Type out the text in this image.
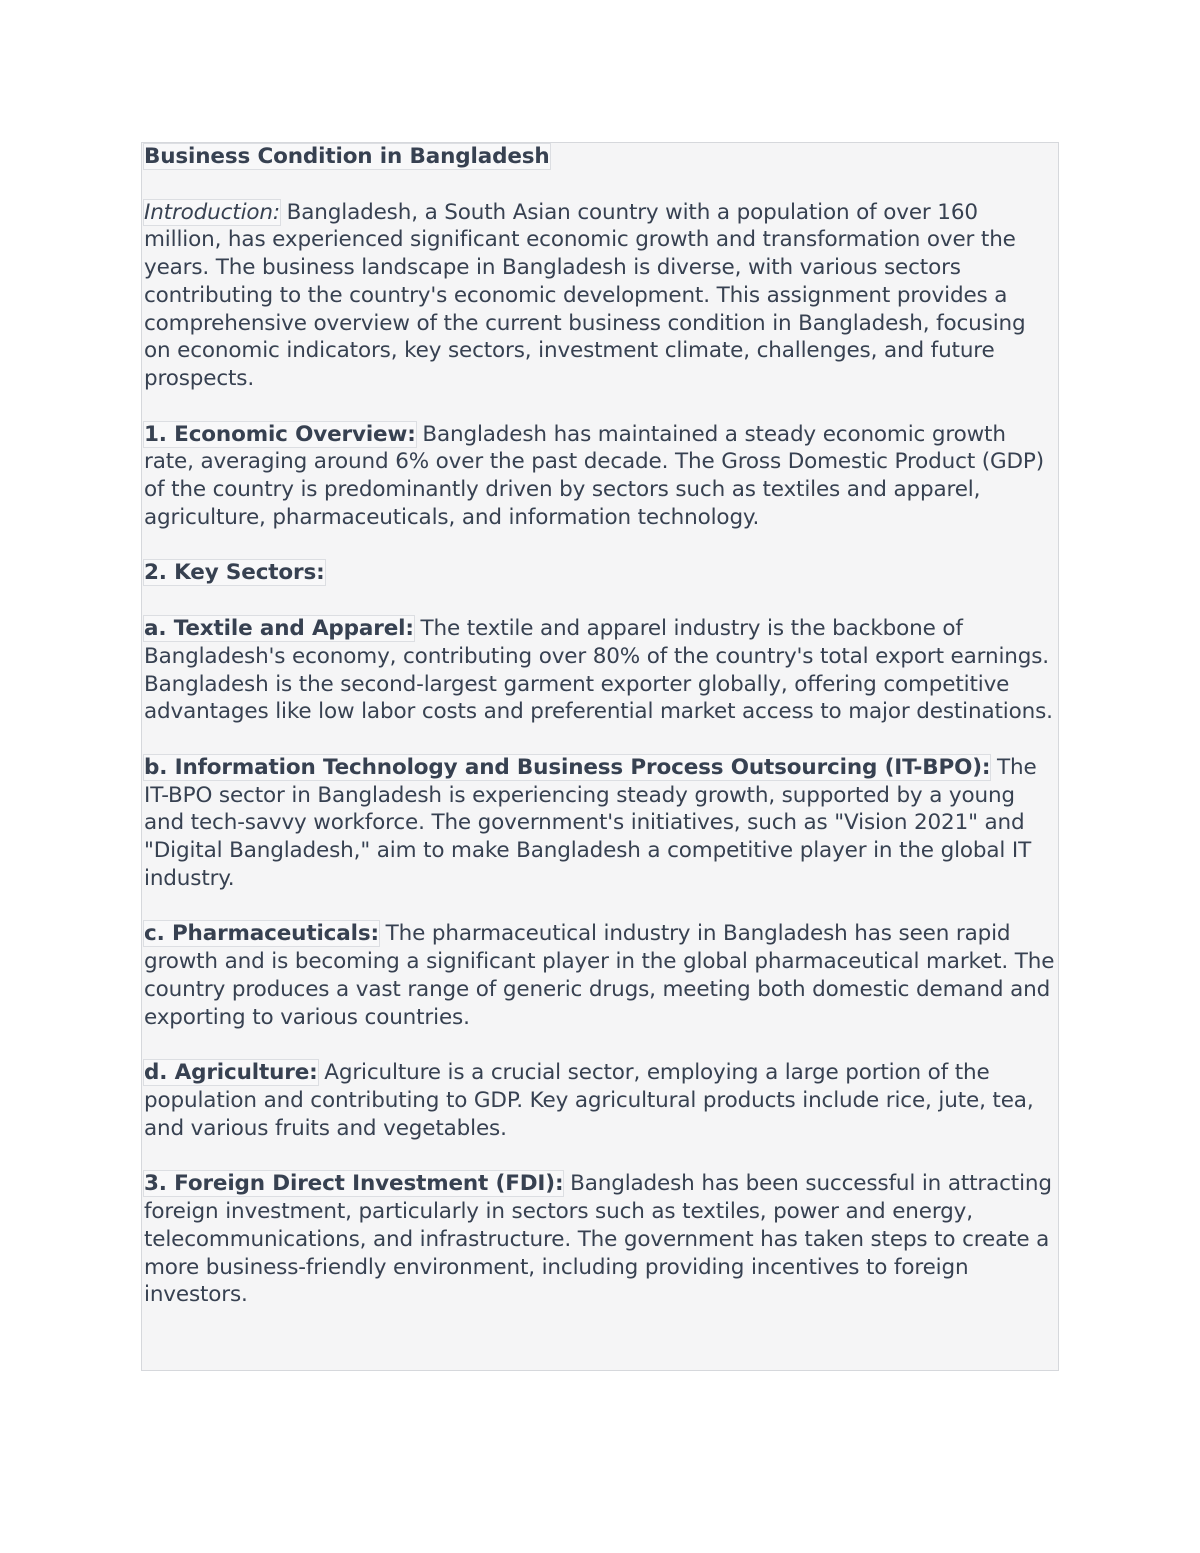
Business Condition in Bangladesh
Introduction: Bangladesh, a South Asian country with a population of over 160 million, has experienced significant economic growth and transformation over the years. The business landscape in Bangladesh is diverse, with various sectors contributing to the country's economic development. This assignment provides a comprehensive overview of the current business condition in Bangladesh, focusing on economic indicators, key sectors, investment climate, challenges, and future prospects.
1. Economic Overview: Bangladesh has maintained a steady economic growth rate, averaging around 6% over the past decade. The Gross Domestic Product (GDP) of the country is predominantly driven by sectors such as textiles and apparel, agriculture, pharmaceuticals, and information technology.
2. Key Sectors:
a. Textile and Apparel: The textile and apparel industry is the backbone of Bangladesh's economy, contributing over 80% of the country's total export earnings. Bangladesh is the second-largest garment exporter globally, offering competitive advantages like low labor costs and preferential market access to major destinations.
b. Information Technology and Business Process Outsourcing (IT-BPO): The IT-BPO sector in Bangladesh is experiencing steady growth, supported by a young and tech-savvy workforce. The government's initiatives, such as "Vision 2021" and "Digital Bangladesh," aim to make Bangladesh a competitive player in the global IT industry.
c. Pharmaceuticals: The pharmaceutical industry in Bangladesh has seen rapid growth and is becoming a significant player in the global pharmaceutical market. The country produces a vast range of generic drugs, meeting both domestic demand and exporting to various countries.
d. Agriculture: Agriculture is a crucial sector, employing a large portion of the population and contributing to GDP. Key agricultural products include rice, jute, tea, and various fruits and vegetables.
3. Foreign Direct Investment (FDI): Bangladesh has been successful in attracting foreign investment, particularly in sectors such as textiles, power and energy, telecommunications, and infrastructure. The government has taken steps to create a more business-friendly environment, including providing incentives to foreign investors.
